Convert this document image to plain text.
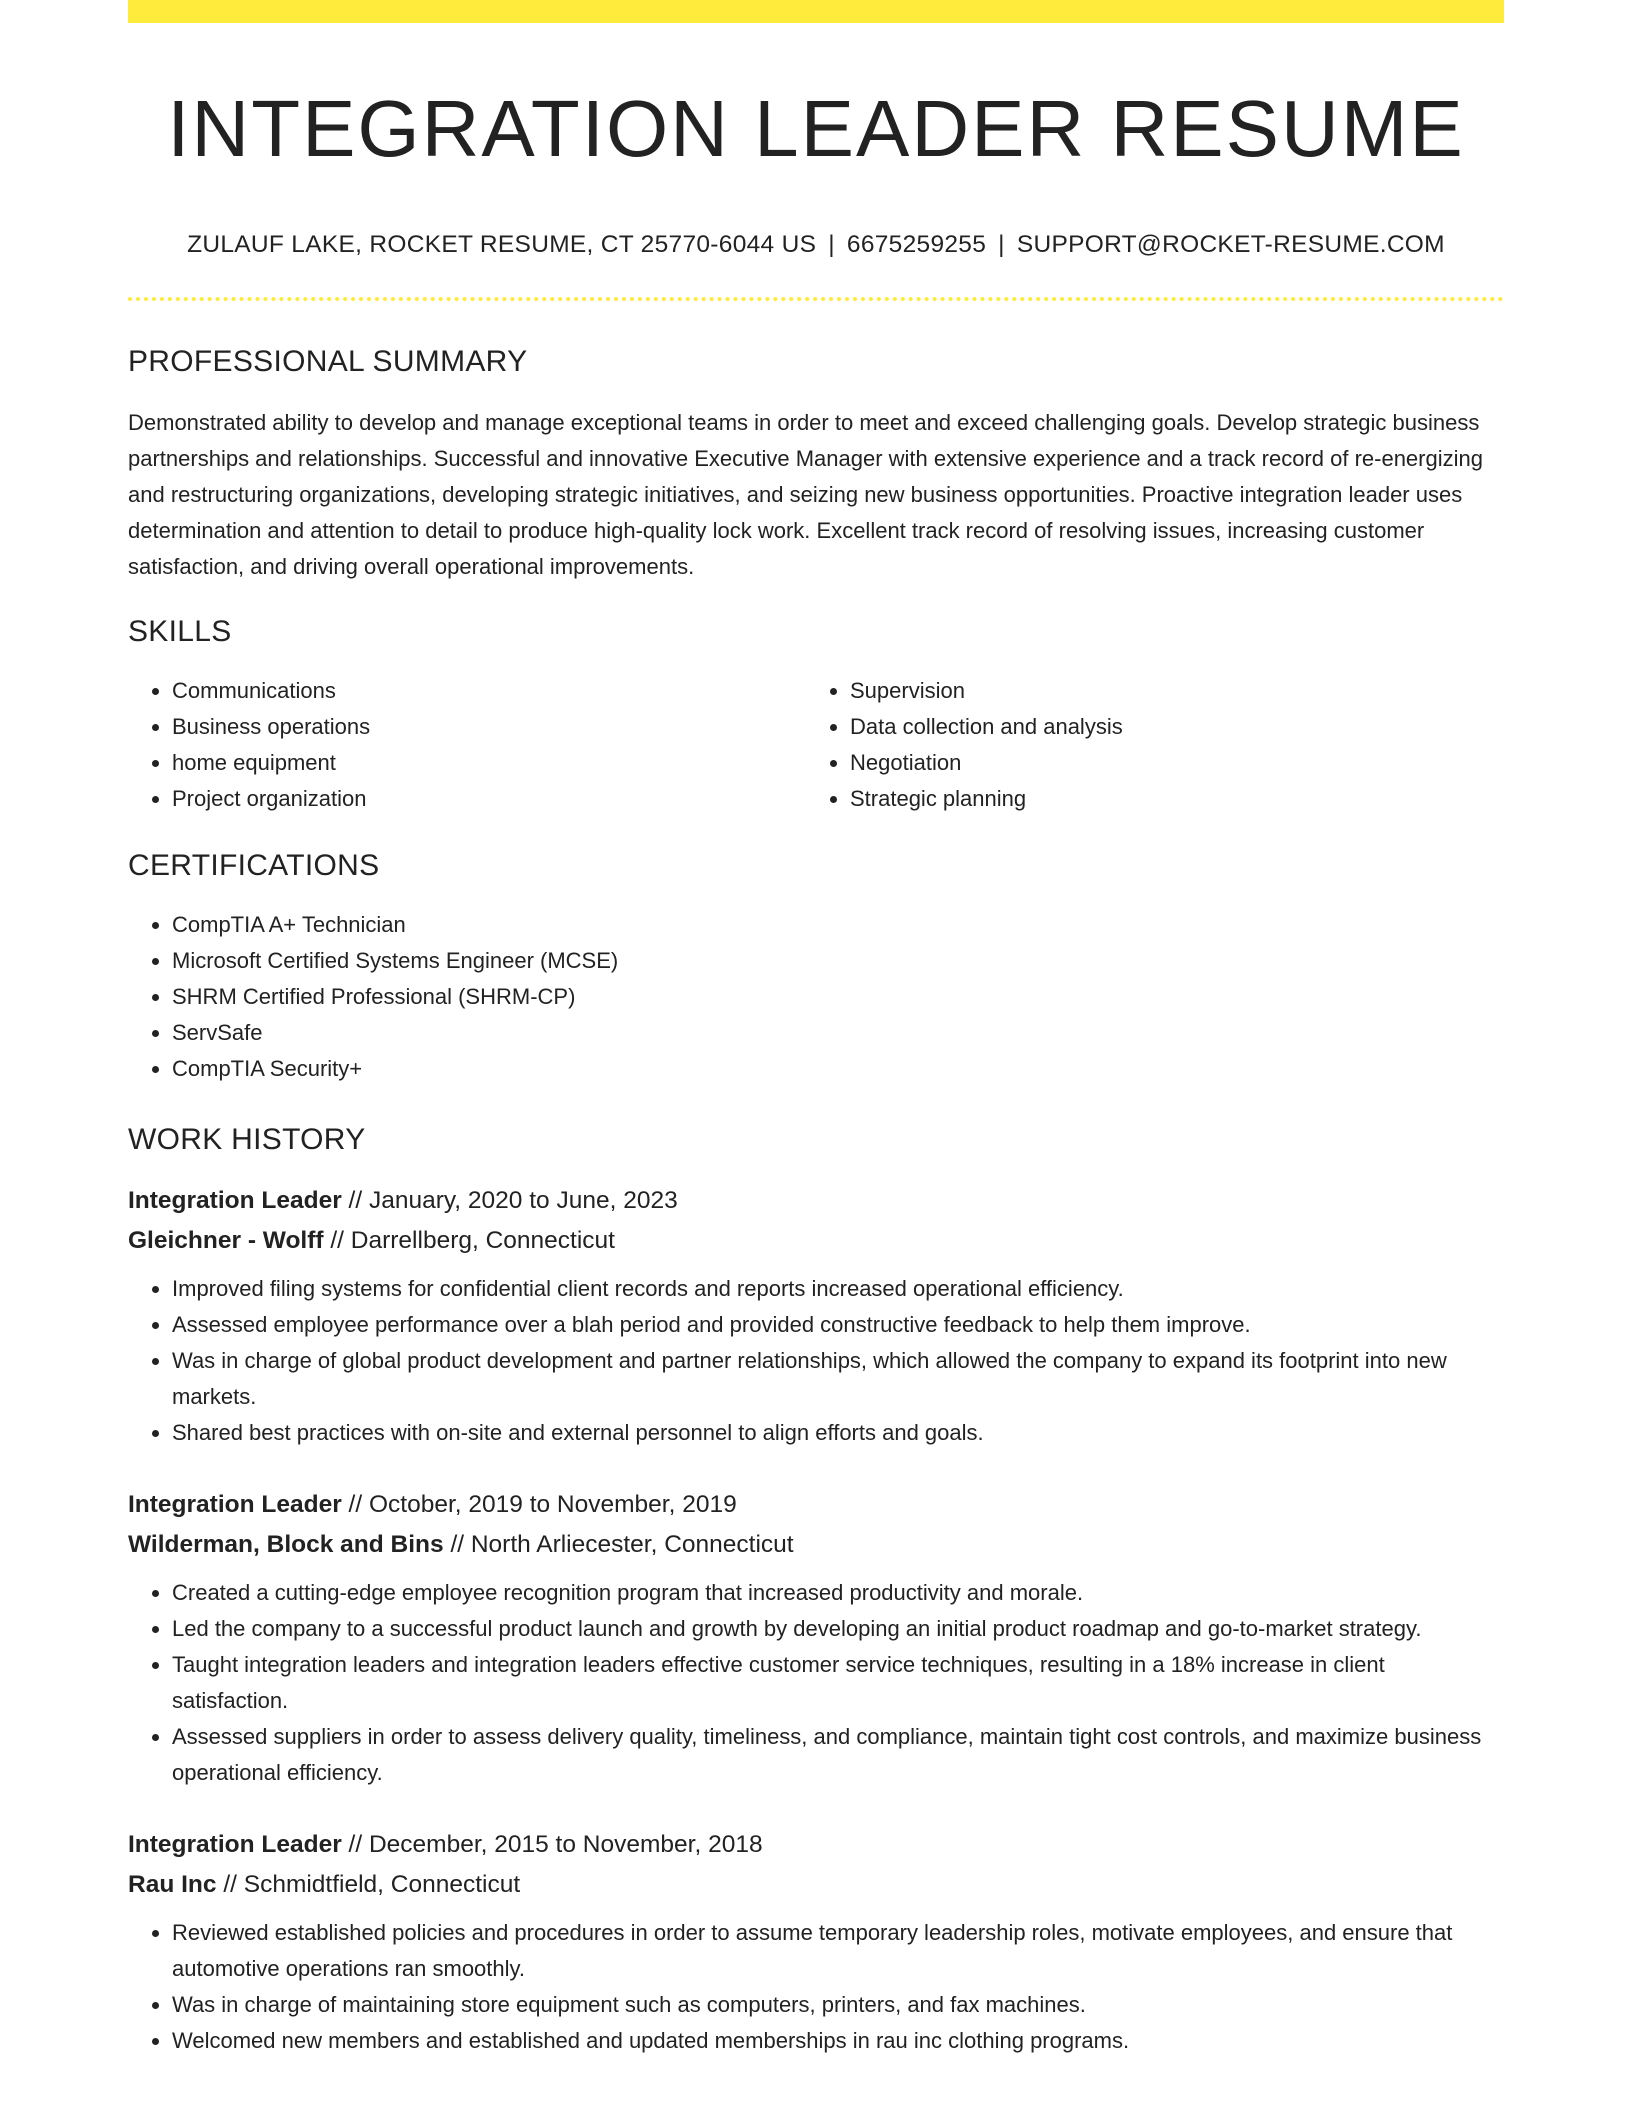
INTEGRATION LEADER RESUME
ZULAUF LAKE, ROCKET RESUME, CT 25770-6044 US | 6675259255 | SUPPORT@ROCKET-RESUME.COM
PROFESSIONAL SUMMARY

Demonstrated ability to develop and manage exceptional teams in order to meet and exceed challenging goals. Develop strategic business partnerships and relationships. Successful and innovative Executive Manager with extensive experience and a track record of re-energizing and restructuring organizations, developing strategic initiatives, and seizing new business opportunities. Proactive integration leader uses determination and attention to detail to produce high-quality lock work. Excellent track record of resolving issues, increasing customer satisfaction, and driving overall operational improvements.

SKILLS
• Communications
• Business operations
• home equipment
• Project organization
• Supervision
• Data collection and analysis
• Negotiation
• Strategic planning
CERTIFICATIONS
• CompTIA A+ Technician
• Microsoft Certified Systems Engineer (MCSE)
• SHRM Certified Professional (SHRM-CP)
• ServSafe
• CompTIA Security+
WORK HISTORY
Integration Leader // January, 2020 to June, 2023
Gleichner - Wolff // Darrellberg, Connecticut
• Improved filing systems for confidential client records and reports increased operational efficiency.
• Assessed employee performance over a blah period and provided constructive feedback to help them improve.
• Was in charge of global product development and partner relationships, which allowed the company to expand its footprint into new markets.
• Shared best practices with on-site and external personnel to align efforts and goals.
Integration Leader // October, 2019 to November, 2019
Wilderman, Block and Bins // North Arliecester, Connecticut
• Created a cutting-edge employee recognition program that increased productivity and morale.
• Led the company to a successful product launch and growth by developing an initial product roadmap and go-to-market strategy.
• Taught integration leaders and integration leaders effective customer service techniques, resulting in a 18% increase in client satisfaction.
• Assessed suppliers in order to assess delivery quality, timeliness, and compliance, maintain tight cost controls, and maximize business operational efficiency.
Integration Leader // December, 2015 to November, 2018
Rau Inc // Schmidtfield, Connecticut
• Reviewed established policies and procedures in order to assume temporary leadership roles, motivate employees, and ensure that automotive operations ran smoothly.
• Was in charge of maintaining store equipment such as computers, printers, and fax machines.
• Welcomed new members and established and updated memberships in rau inc clothing programs.
